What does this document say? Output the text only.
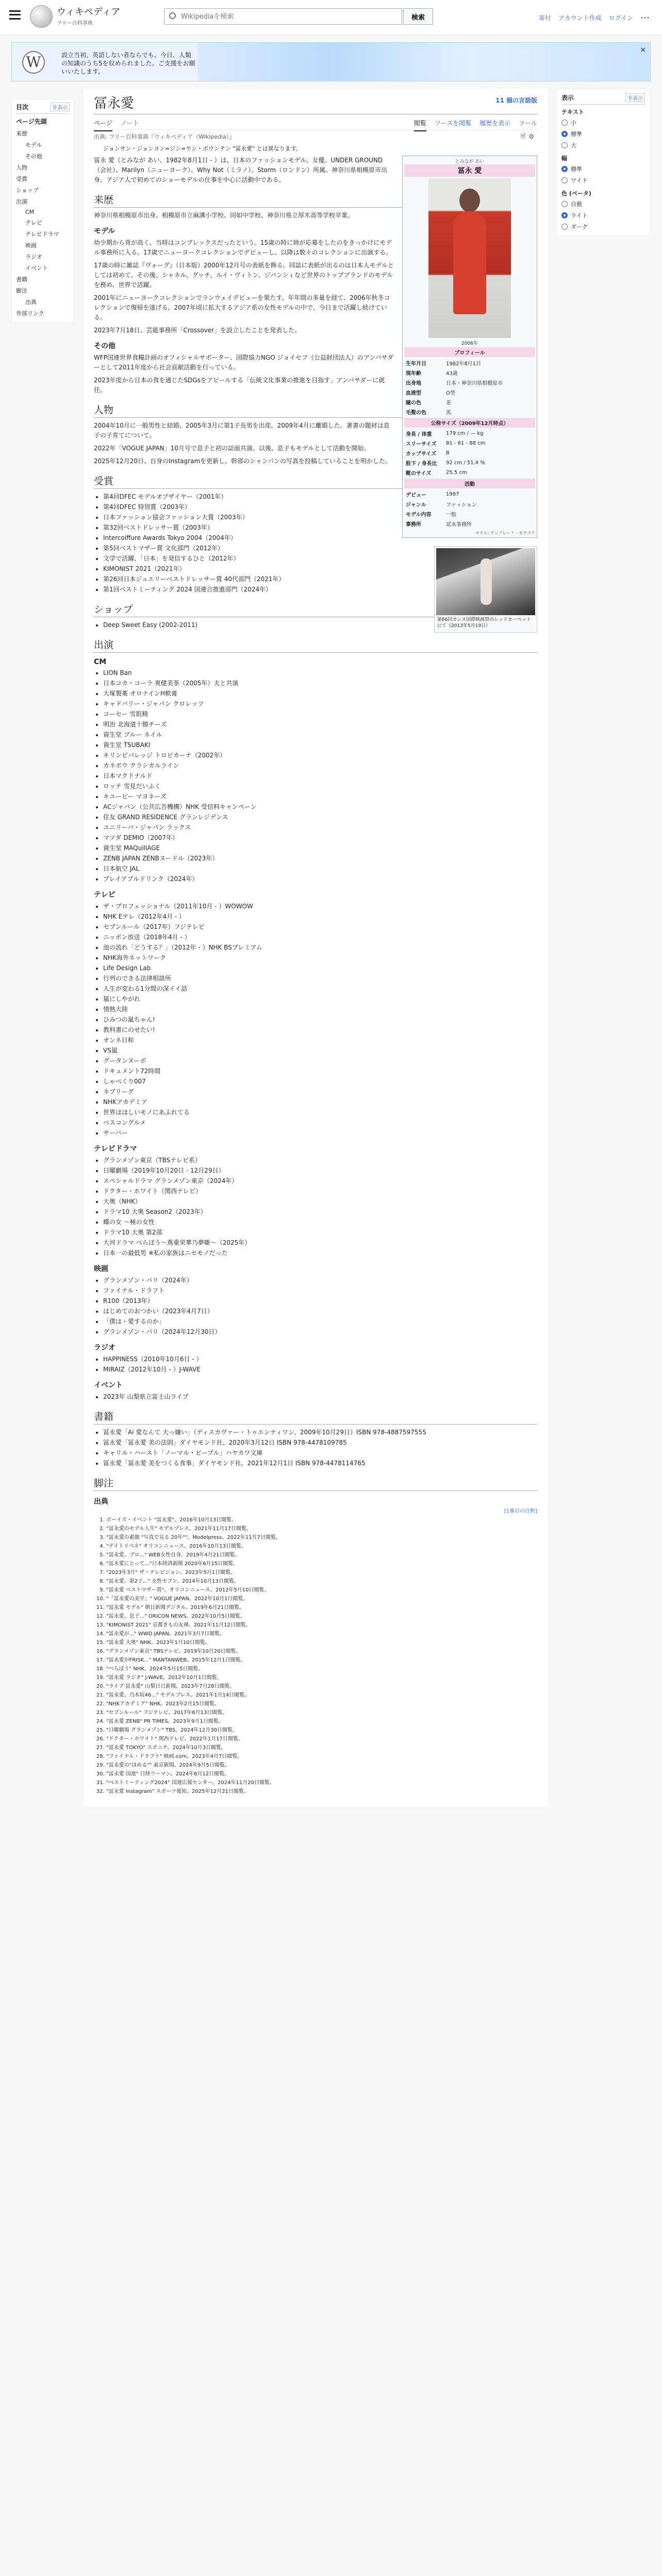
ウィキペディア
フリー百科事典
Wikipediaを検索
検索	寄付 アカウント作成 ログイン ⋯
W	設立当初、英語しない者ならでも、今日、人類の知識のうち5を収められました。ご支援をお願いいたします。
×
目次	非表示
ページ先頭
来歴
モデル
その他
人物
受賞
ショップ
出演
CM
テレビ
テレビドラマ
映画
ラジオ
イベント
書籍
脚注
出典
外部リンク
冨永愛	11 個の言語版
ページ ノート	閲覧 ソースを閲覧 履歴を表示 ツール
出典: フリー百科事典『ウィキペディア（Wikipedia）』	🗎⚙
ジョンサン・ジョンヨン=ジン=ヤン・ボウンテン "冨永愛" とは異なります。
とみなが あい
冨永 愛
2006年
プロフィール
生年月日	1982年8月1日
現年齢	43歳
出身地	日本・神奈川県相模原市
血液型	O型
瞳の色	茶
毛髪の色	黒
公称サイズ（2009年12月時点）
身長 / 体重	179 cm / — kg
スリーサイズ	81 - 61 - 88 cm
カップサイズ	B
股下 / 身長比	92 cm / 51.4 %
靴のサイズ	25.5 cm
活動
デビュー	1997
ジャンル	ファッション
モデル内容	一般
事務所	冨永事務所
モデル: テンプレート - カテゴリ

冨永 愛（とみなが あい、1982年8月1日 - ）は、日本のファッションモデル、女優。UNDER GROUND（会社）、Marilyn（ニューヨーク）、Why Not（ミラノ）、Storm（ロンドン）所属。神奈川県相模原市出身。アジア人で初めてのショーモデルの仕事を中心に活動中である。

来歴

神奈川県相模原市出身。相模原市立麻溝小学校、同如中学校、神奈川県立厚木高等学校卒業。

モデル

幼少期から背が高く、当時はコンプレックスだったという。15歳の時に姉が応募をしたのをきっかけにモデル事務所に入る。17歳でニューヨークコレクションでデビューし、以降は数々のコレクションに出演する。

17歳の時に雑誌『ヴォーグ』（日本版）2000年12月号の表紙を飾る。同誌に表紙が出るのは日本人モデルとしては初めて。その後、シャネル、グッチ、ルイ・ヴィトン、ジバンシィなど世界のトップブランドのモデルを務め、世界で活躍。

2001年にニューヨークコレクションでランウェイデビューを果たす。年年間の多量を経て、2006年秋冬コレクションで復帰を遂げる。2007年頃に拡大するアジア系の女性モデルの中で、今日まで活躍し続けている。

2023年7月18日、芸能事務所「Crossover」を設立したことを発表した。

その他

WFP国連世界食糧計画のオフィシャルサポーター、国際協力NGO ジョイセフ（公益財団法人）のアンバサダーとして2011年度から社会貢献活動を行っている。

2023年度から日本の食を通じたSDGsをアピールする「伝統文化事業の推進を目指す」アンバサダーに就任。

第66回カンヌ国際映画祭のレッドカーペットにて（2013年5月19日）
人物

2004年10月に一般男性と結婚、2005年3月に第1子長男を出産。2009年4月に離婚した。著書の題材は息子の子育てについて。

2022年「VOGUE JAPAN」10月号で息子と初の誌面共演。以後、息子もモデルとして活動を開始。

2025年12月20日、自身のInstagramを更新し、幹部のシャンパンの写真を投稿していることを明かした。

受賞
• 第4回DFEC モデルオブザイヤー（2001年）
• 第4回DFEC 特別賞（2003年）
• 日本ファッション協会ファッション大賞（2003年）
• 第32回ベストドレッサー賞（2003年）
• Intercoiffure Awards Tokyo 2004（2004年）
• 第5回ベストマザー賞 文化部門（2012年）
• 文学で活躍、「日本」を発信するひと（2012年）
• KIMONIST 2021（2021年）
• 第26回日本ジュエリーベストドレッサー賞 40代部門（2021年）
• 第1回ベストミーティング 2024 国連合推進部門（2024年）
ショップ
• Deep Sweet Easy (2002-2011)
出演
CM
• LION Ban
• 日本コカ・コーラ 爽健美茶（2005年）夫と共演
• 大塚製薬 オロナインH軟膏
• キャドバリー・ジャパン クロレッツ
• コーセー 雪肌精
• 明治 北海道十勝チーズ
• 資生堂 ブルー ネイル
• 資生堂 TSUBAKI
• キリンビバレッジ トロピカーナ（2002年）
• カネボウ クラシカルライン
• 日本マクドナルド
• ロッテ 雪見だいふく
• キユーピー マヨネーズ
• ACジャパン（公共広告機構）NHK 受信料キャンペーン
• 住友 GRAND RESIDENCE グランレジデンス
• ユニリーバ・ジャパン ラックス
• マツダ DEMIO（2007年）
• 資生堂 MAQuillAGE
• ZENB JAPAN ZENBヌードル（2023年）
• 日本航空 JAL
• プレイアブルドリンク（2024年）
テレビ
• ザ・プロフェッショナル（2011年10月 - ）WOWOW
• NHK Eテレ（2012年4月 - ）
• セブンルール（2017年）フジテレビ
• ニッポン放送（2018年4月 - ）
• 池の流れ「どうする？」（2012年 - ）NHK BSプレミアム
• NHK海外ネットワーク
• Life Design Lab
• 行列のできる法律相談所
• 人生が変わる1分間の深イイ話
• 嵐にしやがれ
• 情熱大陸
• ひみつの嵐ちゃん!
• 教科書にのせたい!
• オンネ日和
• VS嵐
• グータンヌーボ
• ドキュメント72時間
• しゃべくり007
• ネプリーグ
• NHKアカデミア
• 世界はほしいモノにあふれてる
• ベスコングルメ
• サーバー
テレビドラマ
• グランメゾン東京（TBSテレビ系）
• 日曜劇場（2019年10月20日 - 12月29日）
• スペシャルドラマ グランメゾン東京（2024年）
• ドクター・ホワイト（関西テレビ）
• 大奥（NHK）
• ドラマ10 大奥 Season2（2023年）
• 蝶の女 ～極の女性
• ドラマ10 大奥 第2部
• 大河ドラマ べらぼう～蔦重栄華乃夢噺～（2025年）
• 日本一の最低男 ※私の家族はニセモノだった
映画
• グランメゾン・パリ（2024年）
• ファイナル・ドラフト
• R100（2013年）
• はじめてのおつかい（2023年4月7日）
• 「僕は・愛するのか」
• グランメゾン・パリ（2024年12月30日）
ラジオ
• HAPPINESS（2010年10月6日 - ）
• MIRAIZ（2012年10月 - ）J-WAVE
イベント
• 2023年 山梨県立富士山ライブ
書籍
• 冨永愛「Ai 愛なんて 大っ嫌い」（ディスカヴァー・トゥエンティワン、2009年10月29日）ISBN 978-4887597555
• 冨永愛「冨永愛 美の法則」ダイヤモンド社、2020年3月12日 ISBN 978-4478109785
• キャリル・ハースト「ノーマル・ピープル」ハヤカワ文庫
• 冨永愛「冨永愛 美をつくる食事」ダイヤモンド社、2021年12月1日 ISBN 978-4478114765
脚注
出典
[1番目の注釈]
1. ボーイズ・イベント "冨永愛"。2016年10月13日閲覧。
2. "冨永愛のモデル人生" モデルプレス。2021年11月17日閲覧。
3. "冨永愛の素顔 "写真で見る 20年""。Modelpress。2022年11月7日閲覧。
4. "デイトリベネ" オリコンニュース。2016年10月13日閲覧。
5. "冨永愛、プロ..." WEB女性自身。2019年4月21日閲覧。
6. "冨永愛にとって..."日本経済新聞 2020年6月15日閲覧。
7. "2023年3月" ザ・テレビジョン。2023年5月1日閲覧。
8. "冨永愛、第2子..." 女性セブン。2014年10月13日閲覧。
9. "冨永愛 ベストマザー賞"。オリコンニュース。2012年5月10日閲覧。
10. "「冨永愛の美学」" VOGUE JAPAN。2022年10月1日閲覧。
11. "冨永愛 モデル" 朝日新聞デジタル。2019年6月21日閲覧。
12. "冨永愛、息子..." ORICON NEWS。2022年10月5日閲覧。
13. "KIMONIST 2021" 京都きもの友禅。2021年11月12日閲覧。
14. "冨永愛が..." WWD JAPAN。2021年3月7日閲覧。
15. "冨永愛 大奥" NHK。2023年1月10日閲覧。
16. "グランメゾン東京" TBSテレビ。2019年10月20日閲覧。
17. "冨永愛がFRISK..." MANTANWEB。2015年12月1日閲覧。
18. "べらぼう" NHK。2024年5月15日閲覧。
19. "冨永愛 ラジオ" J-WAVE。2012年10月1日閲覧。
20. "ライブ 冨永愛" 山梨日日新聞。2023年7月28日閲覧。
21. "冨永愛、乃木坂46..." モデルプレス。2021年1月14日閲覧。
22. "NHKアカデミア" NHK。2023年2月15日閲覧。
23. "セブンルール" フジテレビ。2017年6月13日閲覧。
24. "冨永愛 ZENB" PR TIMES。2023年9月1日閲覧。
25. "日曜劇場 グランメゾン" TBS。2024年12月30日閲覧。
26. "ドクター・ホワイト" 関西テレビ。2022年1月17日閲覧。
27. "冨永愛 TOKYO" スポニチ。2024年10月3日閲覧。
28. "ファイナル・ドラフト" 映画.com。2023年4月7日閲覧。
29. "冨永愛の"ほめる"" 東京新聞。2024年9月5日閲覧。
30. "冨永愛 国連" 日経ウーマン。2024年6月12日閲覧。
31. "ベストミーティング2024" 国連広報センター。2024年11月20日閲覧。
32. "冨永愛 Instagram" スポーツ報知。2025年12月21日閲覧。
表示	非表示
テキスト
小
標準
大
幅
標準
ワイド
色 (ベータ)
自動
ライト
ダーク
